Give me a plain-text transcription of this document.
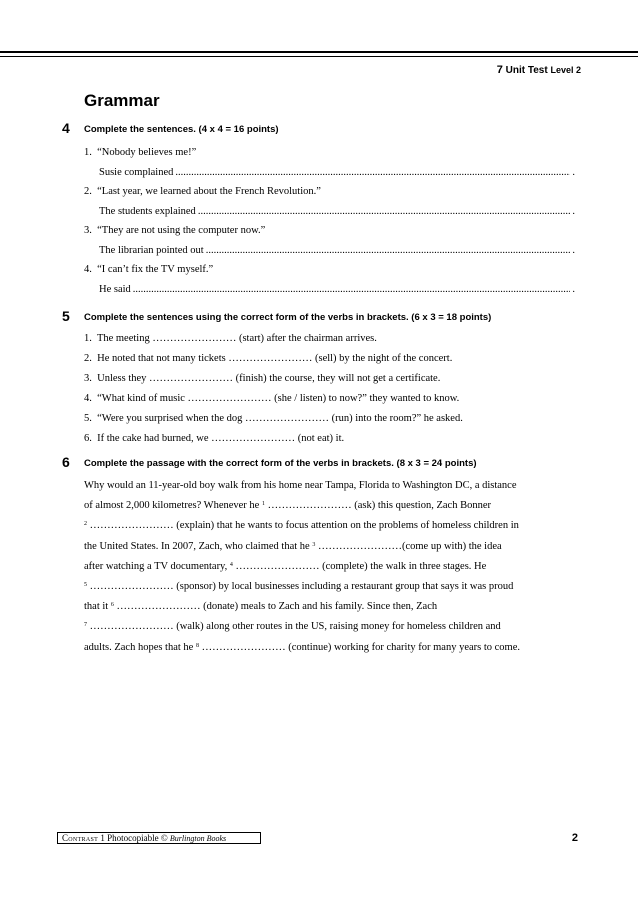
7 Unit Test Level 2
Grammar
4 Complete the sentences. (4 x 4 = 16 points)
1. “Nobody believes me!”
Susie complained .....	.
2. “Last year, we learned about the French Revolution.”
The students explained .....	.
3. “They are not using the computer now.”
The librarian pointed out .....	.
4. “I can’t fix the TV myself.”
He said .....	.
5 Complete the sentences using the correct form of the verbs in brackets. (6 x 3 = 18 points)
1. The meeting …………………… (start) after the chairman arrives.
2. He noted that not many tickets …………………… (sell) by the night of the concert.
3. Unless they …………………… (finish) the course, they will not get a certificate.
4. “What kind of music …………………… (she / listen) to now?” they wanted to know.
5. “Were you surprised when the dog …………………… (run) into the room?” he asked.
6. If the cake had burned, we …………………… (not eat) it.
6 Complete the passage with the correct form of the verbs in brackets. (8 x 3 = 24 points)
Why would an 11-year-old boy walk from his home near Tampa, Florida to Washington DC, a distance
of almost 2,000 kilometres? Whenever he $^1$ …………………… (ask) this question, Zach Bonner
$^2$ …………………… (explain) that he wants to focus attention on the problems of homeless children in
the United States. In 2007, Zach, who claimed that he $^3$ ……………………(come up with) the idea
after watching a TV documentary, $^4$ …………………… (complete) the walk in three stages. He
$^5$ …………………… (sponsor) by local businesses including a restaurant group that says it was proud
that it $^6$ …………………… (donate) meals to Zach and his family. Since then, Zach
$^7$ …………………… (walk) along other routes in the US, raising money for homeless children and
adults. Zach hopes that he $^8$ …………………… (continue) working for charity for many years to come.
Contrast
1
Photocopiable
©
Burlington Books	2
